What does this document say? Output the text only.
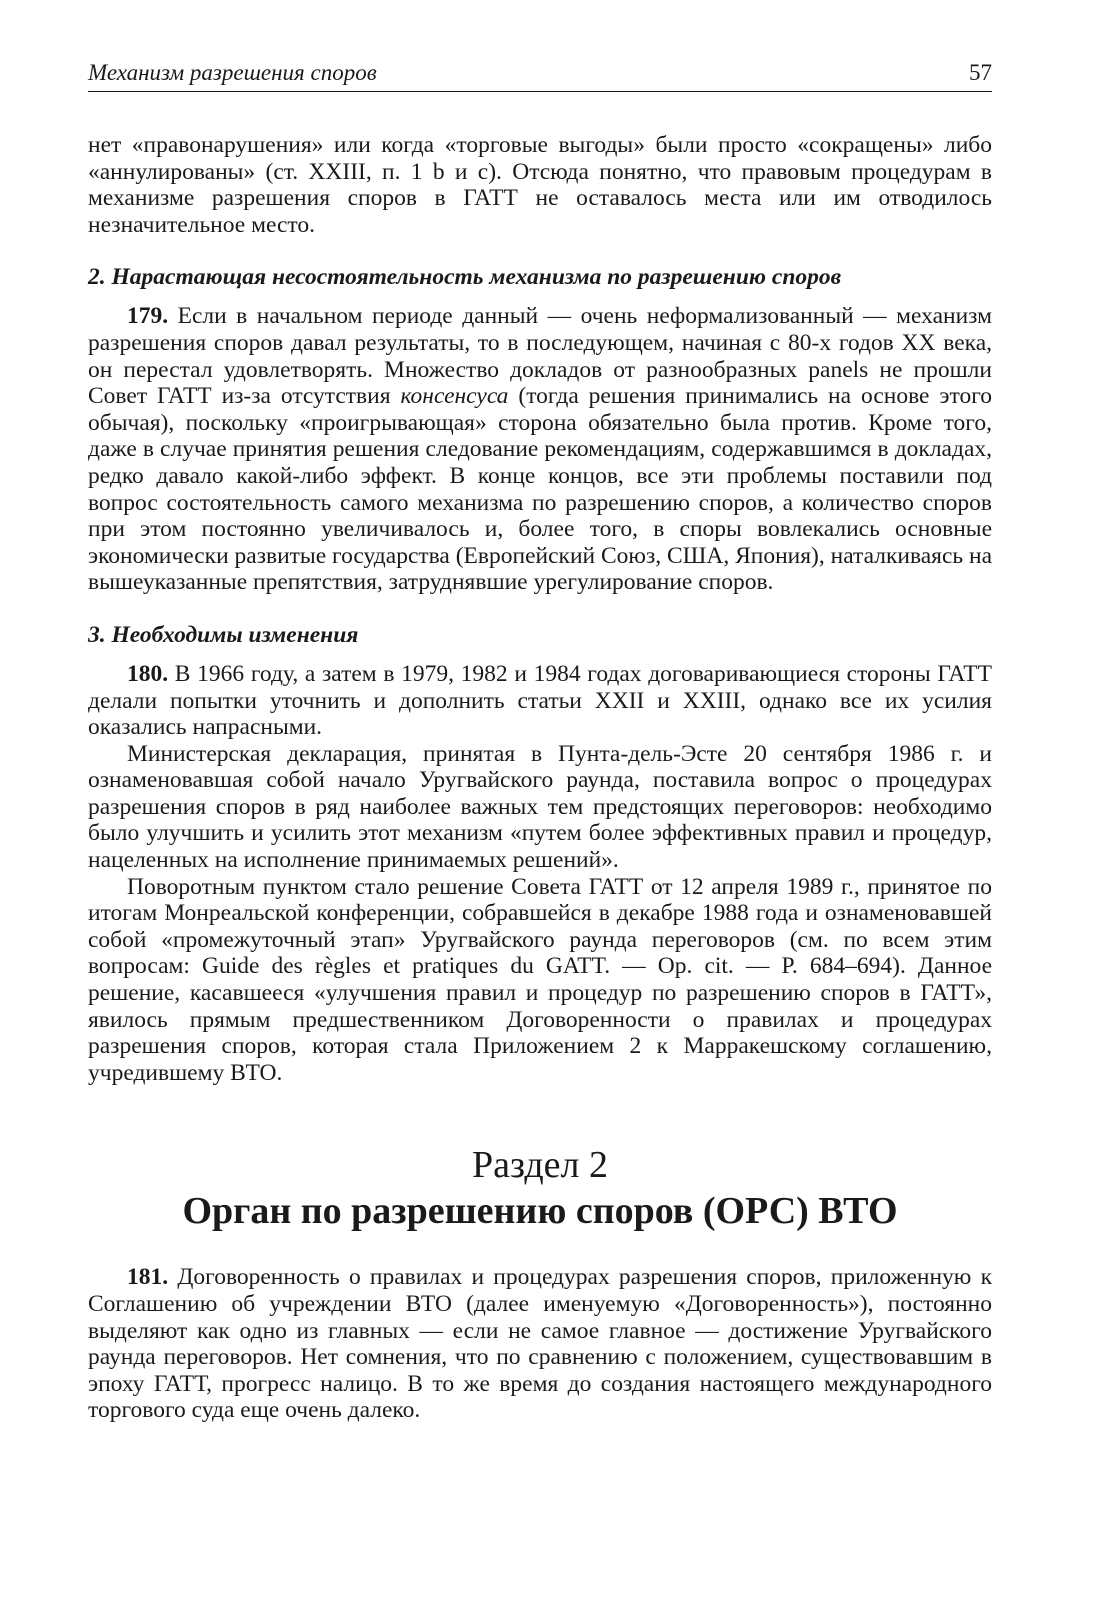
Механизм разрешения споров	57

нет «правонарушения» или когда «торговые выгоды» были просто «сокращены» либо «аннулированы» (ст. XXIII, п. 1 b и c). Отсюда понятно, что правовым процедурам в механизме разрешения споров в ГАТТ не оставалось места или им отводилось незначительное место.

2. Нарастающая несостоятельность механизма по разрешению споров

179. Если в начальном периоде данный — очень неформализованный — механизм разрешения споров давал результаты, то в последующем, начиная с 80-х годов XX века, он перестал удовлетворять. Множество докладов от разнообразных panels не прошли Совет ГАТТ из-за отсутствия консенсуса (тогда решения принимались на основе этого обычая), поскольку «проигрывающая» сторона обязательно была против. Кроме того, даже в случае принятия решения следование рекомендациям, содержавшимся в докладах, редко давало какой-либо эффект. В конце концов, все эти проблемы поставили под вопрос состоятельность самого механизма по разрешению споров, а количество споров при этом постоянно увеличивалось и, более того, в споры вовлекались основные экономически развитые государства (Европейский Союз, США, Япония), наталкиваясь на вышеуказанные препятствия, затруднявшие урегулирование споров.

3. Необходимы изменения

180. В 1966 году, а затем в 1979, 1982 и 1984 годах договаривающиеся стороны ГАТТ делали попытки уточнить и дополнить статьи XXII и XXIII, однако все их усилия оказались напрасными.

Министерская декларация, принятая в Пунта-дель-Эсте 20 сентября 1986 г. и ознаменовавшая собой начало Уругвайского раунда, поставила вопрос о процедурах разрешения споров в ряд наиболее важных тем предстоящих переговоров: необходимо было улучшить и усилить этот механизм «путем более эффективных правил и процедур, нацеленных на исполнение принимаемых решений».

Поворотным пунктом стало решение Совета ГАТТ от 12 апреля 1989 г., принятое по итогам Монреальской конференции, собравшейся в декабре 1988 года и ознаменовавшей собой «промежуточный этап» Уругвайского раунда переговоров (см. по всем этим вопросам: Guide des règles et pratiques du GATT. — Op. cit. — P. 684–694). Данное решение, касавшееся «улучшения правил и процедур по разрешению споров в ГАТТ», явилось прямым предшественником Договоренности о правилах и процедурах разрешения споров, которая стала Приложением 2 к Марракешскому соглашению, учредившему ВТО.

Раздел 2
Орган по разрешению споров (ОРС) ВТО

181. Договоренность о правилах и процедурах разрешения споров, приложенную к Соглашению об учреждении ВТО (далее именуемую «Договоренность»), постоянно выделяют как одно из главных — если не самое главное — достижение Уругвайского раунда переговоров. Нет сомнения, что по сравнению с положением, существовавшим в эпоху ГАТТ, прогресс налицо. В то же время до создания настоящего международного торгового суда еще очень далеко.
